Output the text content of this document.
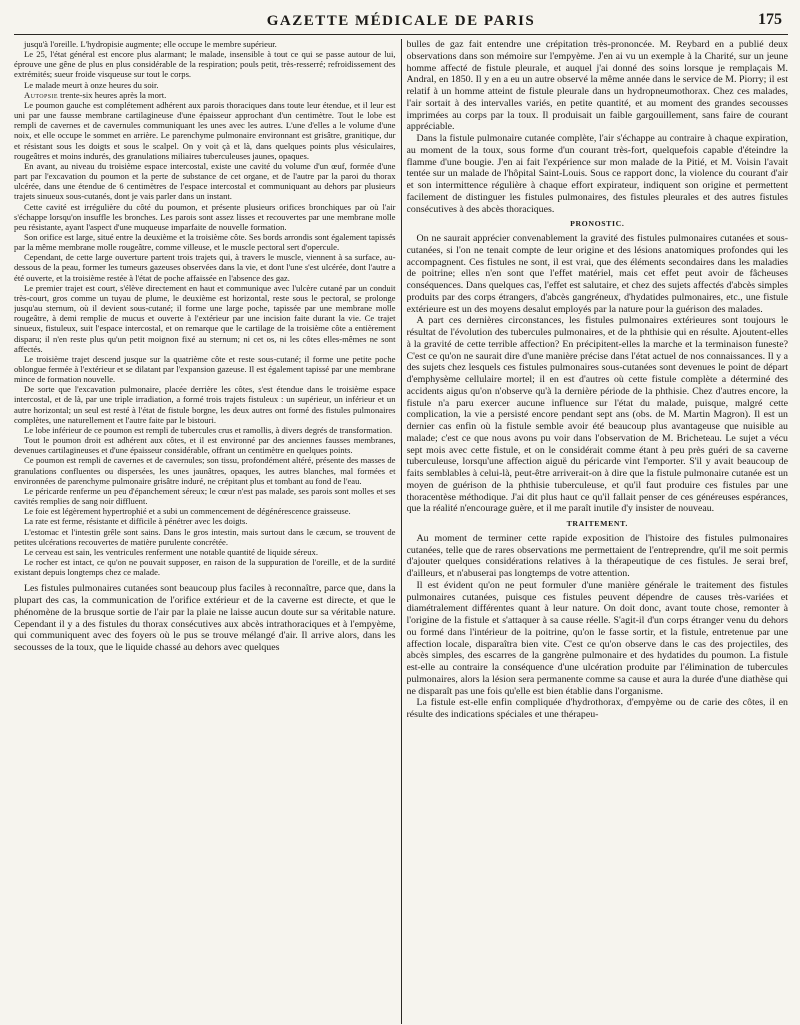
GAZETTE MÉDICALE DE PARIS	175

jusqu'à l'oreille. L'hydropisie augmente; elle occupe le membre supérieur.

Le 25, l'état général est encore plus alarmant; le malade, insensible à tout ce qui se passe autour de lui, éprouve une gêne de plus en plus considérable de la respiration; pouls petit, très-resserré; refroidissement des extrémités; sueur froide visqueuse sur tout le corps.

Le malade meurt à onze heures du soir.

Autopsie trente-six heures après la mort.

Le poumon gauche est complétement adhérent aux parois thoraciques dans toute leur étendue, et il leur est uni par une fausse membrane cartilagineuse d'une épaisseur approchant d'un centimètre. Tout le lobe est rempli de cavernes et de cavernules communiquant les unes avec les autres. L'une d'elles a le volume d'une noix, et elle occupe le sommet en arrière. Le parenchyme pulmonaire environnant est grisâtre, granitique, dur et résistant sous les doigts et sous le scalpel. On y voit çà et là, dans quelques points plus vésiculaires, rougeâtres et moins indurés, des granulations miliaires tuberculeuses jaunes, opaques.

En avant, au niveau du troisième espace intercostal, existe une cavité du volume d'un œuf, formée d'une part par l'excavation du poumon et la perte de substance de cet organe, et de l'autre par la paroi du thorax ulcérée, dans une étendue de 6 centimètres de l'espace intercostal et communiquant au dehors par plusieurs trajets sinueux sous-cutanés, dont je vais parler dans un instant.

Cette cavité est irrégulière du côté du poumon, et présente plusieurs orifices bronchiques par où l'air s'échappe lorsqu'on insuffle les bronches. Les parois sont assez lisses et recouvertes par une membrane molle peu résistante, ayant l'aspect d'une muqueuse imparfaite de nouvelle formation.

Son orifice est large, situé entre la deuxième et la troisième côte. Ses bords arrondis sont également tapissés par la même membrane molle rougeâtre, comme villeuse, et le muscle pectoral sert d'opercule.

Cependant, de cette large ouverture partent trois trajets qui, à travers le muscle, viennent à sa surface, au-dessous de la peau, former les tumeurs gazeuses observées dans la vie, et dont l'une s'est ulcérée, dont l'autre a été ouverte, et la troisième restée à l'état de poche affaissée en l'absence des gaz.

Le premier trajet est court, s'élève directement en haut et communique avec l'ulcère cutané par un conduit très-court, gros comme un tuyau de plume, le deuxième est horizontal, reste sous le pectoral, se prolonge jusqu'au sternum, où il devient sous-cutané; il forme une large poche, tapissée par une membrane molle rougeâtre, à demi remplie de mucus et ouverte à l'extérieur par une incision faite durant la vie. Ce trajet sinueux, fistuleux, suit l'espace intercostal, et on remarque que le cartilage de la troisième côte a entièrement disparu; il n'en reste plus qu'un petit moignon fixé au sternum; ni cet os, ni les côtes elles-mêmes ne sont affectés.

Le troisième trajet descend jusque sur la quatrième côte et reste sous-cutané; il forme une petite poche oblongue fermée à l'extérieur et se dilatant par l'expansion gazeuse. Il est également tapissé par une membrane mince de formation nouvelle.

De sorte que l'excavation pulmonaire, placée derrière les côtes, s'est étendue dans le troisième espace intercostal, et de là, par une triple irradiation, a formé trois trajets fistuleux : un supérieur, un inférieur et un autre horizontal; un seul est resté à l'état de fistule borgne, les deux autres ont formé des fistules pulmonaires complètes, une naturellement et l'autre faite par le bistouri.

Le lobe inférieur de ce poumon est rempli de tubercules crus et ramollis, à divers degrés de transformation.

Tout le poumon droit est adhérent aux côtes, et il est environné par des anciennes fausses membranes, devenues cartilagineuses et d'une épaisseur considérable, offrant un centimètre en quelques points.

Ce poumon est rempli de cavernes et de cavernules; son tissu, profondément altéré, présente des masses de granulations confluentes ou dispersées, les unes jaunâtres, opaques, les autres blanches, mal formées et environnées de parenchyme pulmonaire grisâtre induré, ne crépitant plus et tombant au fond de l'eau.

Le péricarde renferme un peu d'épanchement séreux; le cœur n'est pas malade, ses parois sont molles et ses cavités remplies de sang noir diffluent.

Le foie est légèrement hypertrophié et a subi un commencement de dégénérescence graisseuse.

La rate est ferme, résistante et difficile à pénétrer avec les doigts.

L'estomac et l'intestin grêle sont sains. Dans le gros intestin, mais surtout dans le cæcum, se trouvent de petites ulcérations recouvertes de matière purulente concrétée.

Le cerveau est sain, les ventricules renferment une notable quantité de liquide séreux.

Le rocher est intact, ce qu'on ne pouvait supposer, en raison de la suppuration de l'oreille, et de la surdité existant depuis longtemps chez ce malade.

Les fistules pulmonaires cutanées sont beaucoup plus faciles à reconnaître, parce que, dans la plupart des cas, la communication de l'orifice extérieur et de la caverne est directe, et que le phénomène de la brusque sortie de l'air par la plaie ne laisse aucun doute sur sa véritable nature. Cependant il y a des fistules du thorax consécutives aux abcès intrathoraciques et à l'empyème, qui communiquent avec des foyers où le pus se trouve mélangé d'air. Il arrive alors, dans les secousses de la toux, que le liquide chassé au dehors avec quelques

bulles de gaz fait entendre une crépitation très-prononcée. M. Reybard en a publié deux observations dans son mémoire sur l'empyème. J'en ai vu un exemple à la Charité, sur un jeune homme affecté de fistule pleurale, et auquel j'ai donné des soins lorsque je remplaçais M. Andral, en 1850. Il y en a eu un autre observé la même année dans le service de M. Piorry; il est relatif à un homme atteint de fistule pleurale dans un hydropneumothorax. Chez ces malades, l'air sortait à des intervalles variés, en petite quantité, et au moment des grandes secousses imprimées au corps par la toux. Il produisait un faible gargouillement, sans faire de courant appréciable.

Dans la fistule pulmonaire cutanée complète, l'air s'échappe au contraire à chaque expiration, au moment de la toux, sous forme d'un courant très-fort, quelquefois capable d'éteindre la flamme d'une bougie. J'en ai fait l'expérience sur mon malade de la Pitié, et M. Voisin l'avait tentée sur un malade de l'hôpital Saint-Louis. Sous ce rapport donc, la violence du courant d'air et son intermittence régulière à chaque effort expirateur, indiquent son origine et permettent facilement de distinguer les fistules pulmonaires, des fistules pleurales et des autres fistules consécutives à des abcès thoraciques.

PRONOSTIC.

On ne saurait apprécier convenablement la gravité des fistules pulmonaires cutanées et sous-cutanées, si l'on ne tenait compte de leur origine et des lésions anatomiques profondes qui les accompagnent. Ces fistules ne sont, il est vrai, que des éléments secondaires dans les maladies de poitrine; elles n'en sont que l'effet matériel, mais cet effet peut avoir de fâcheuses conséquences. Dans quelques cas, l'effet est salutaire, et chez des sujets affectés d'abcès simples produits par des corps étrangers, d'abcès gangréneux, d'hydatides pulmonaires, etc., une fistule extérieure est un des moyens desalut employés par la nature pour la guérison des malades.

A part ces dernières circonstances, les fistules pulmonaires extérieures sont toujours le résultat de l'évolution des tubercules pulmonaires, et de la phthisie qui en résulte. Ajoutent-elles à la gravité de cette terrible affection? En précipitent-elles la marche et la terminaison funeste? C'est ce qu'on ne saurait dire d'une manière précise dans l'état actuel de nos connaissances. Il y a des sujets chez lesquels ces fistules pulmonaires sous-cutanées sont devenues le point de départ d'emphysème cellulaire mortel; il en est d'autres où cette fistule complète a déterminé des accidents aigus qu'on n'observe qu'à la dernière période de la phthisie. Chez d'autres encore, la fistule n'a paru exercer aucune influence sur l'état du malade, puisque, malgré cette complication, la vie a persisté encore pendant sept ans (obs. de M. Martin Magron). Il est un dernier cas enfin où la fistule semble avoir été beaucoup plus avantageuse que nuisible au malade; c'est ce que nous avons pu voir dans l'observation de M. Bricheteau. Le sujet a vécu sept mois avec cette fistule, et on le considérait comme étant à peu près guéri de sa caverne tuberculeuse, lorsqu'une affection aiguë du péricarde vint l'emporter. S'il y avait beaucoup de faits semblables à celui-là, peut-être arriverait-on à dire que la fistule pulmonaire cutanée est un moyen de guérison de la phthisie tuberculeuse, et qu'il faut produire ces fistules par une thoracentèse méthodique. J'ai dit plus haut ce qu'il fallait penser de ces généreuses espérances, que la réalité n'encourage guère, et il me paraît inutile d'y insister de nouveau.

TRAITEMENT.

Au moment de terminer cette rapide exposition de l'histoire des fistules pulmonaires cutanées, telle que de rares observations me permettaient de l'entreprendre, qu'il me soit permis d'ajouter quelques considérations relatives à la thérapeutique de ces fistules. Je serai bref, d'ailleurs, et n'abuserai pas longtemps de votre attention.

Il est évident qu'on ne peut formuler d'une manière générale le traitement des fistules pulmonaires cutanées, puisque ces fistules peuvent dépendre de causes très-variées et diamétralement différentes quant à leur nature. On doit donc, avant toute chose, remonter à l'origine de la fistule et s'attaquer à sa cause réelle. S'agit-il d'un corps étranger venu du dehors ou formé dans l'intérieur de la poitrine, qu'on le fasse sortir, et la fistule, entretenue par une affection locale, disparaîtra bien vite. C'est ce qu'on observe dans le cas des projectiles, des abcès simples, des escarres de la gangrène pulmonaire et des hydatides du poumon. La fistule est-elle au contraire la conséquence d'une ulcération produite par l'élimination de tubercules pulmonaires, alors la lésion sera permanente comme sa cause et aura la durée d'une diathèse qui ne disparaît pas une fois qu'elle est bien établie dans l'organisme.

La fistule est-elle enfin compliquée d'hydrothorax, d'empyème ou de carie des côtes, il en résulte des indications spéciales et une thérapeu-
